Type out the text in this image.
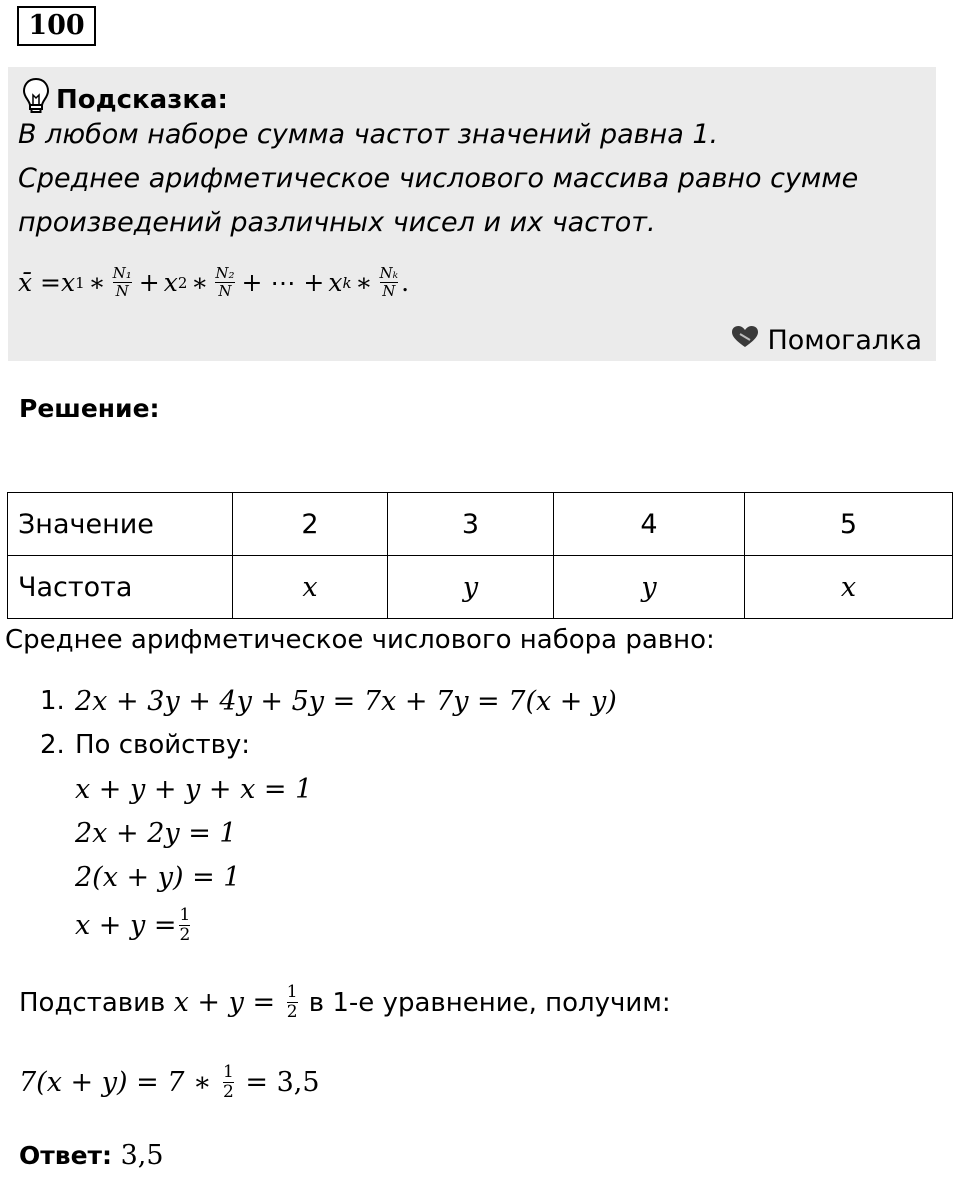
100
Подсказка:
В любом наборе сумма частот значений равна 1.
Среднее арифметическое числового массива равно сумме
произведений различных чисел и их частот.
x̄ = x 1 ∗ $\frac{\text{N₁}}{N} + x$ 2 ∗ $\frac{\text{N₂}}{N}$ + ⋯ + x k ∗ $\frac{\text{Nₖ}}{N}$ .
Помогалка
Решение:
Значение	2	3	4	5
Частота	x	y	y	x
Среднее арифметическое числового набора равно:
1. 2x + 3y + 4y + 5y = 7x + 7y = 7(x + y)
2. По свойству:
x + y + y + x = 1
2x + 2y = 1
2(x + y) = 1
$x + y = \frac{1}{2}$
Подставив $x + y = \frac{1}{2}$ в 1-е уравнение, получим:
7(x + y) = 7 ∗ $\frac{1}{2} = 3,5$
Ответ: 3,5
